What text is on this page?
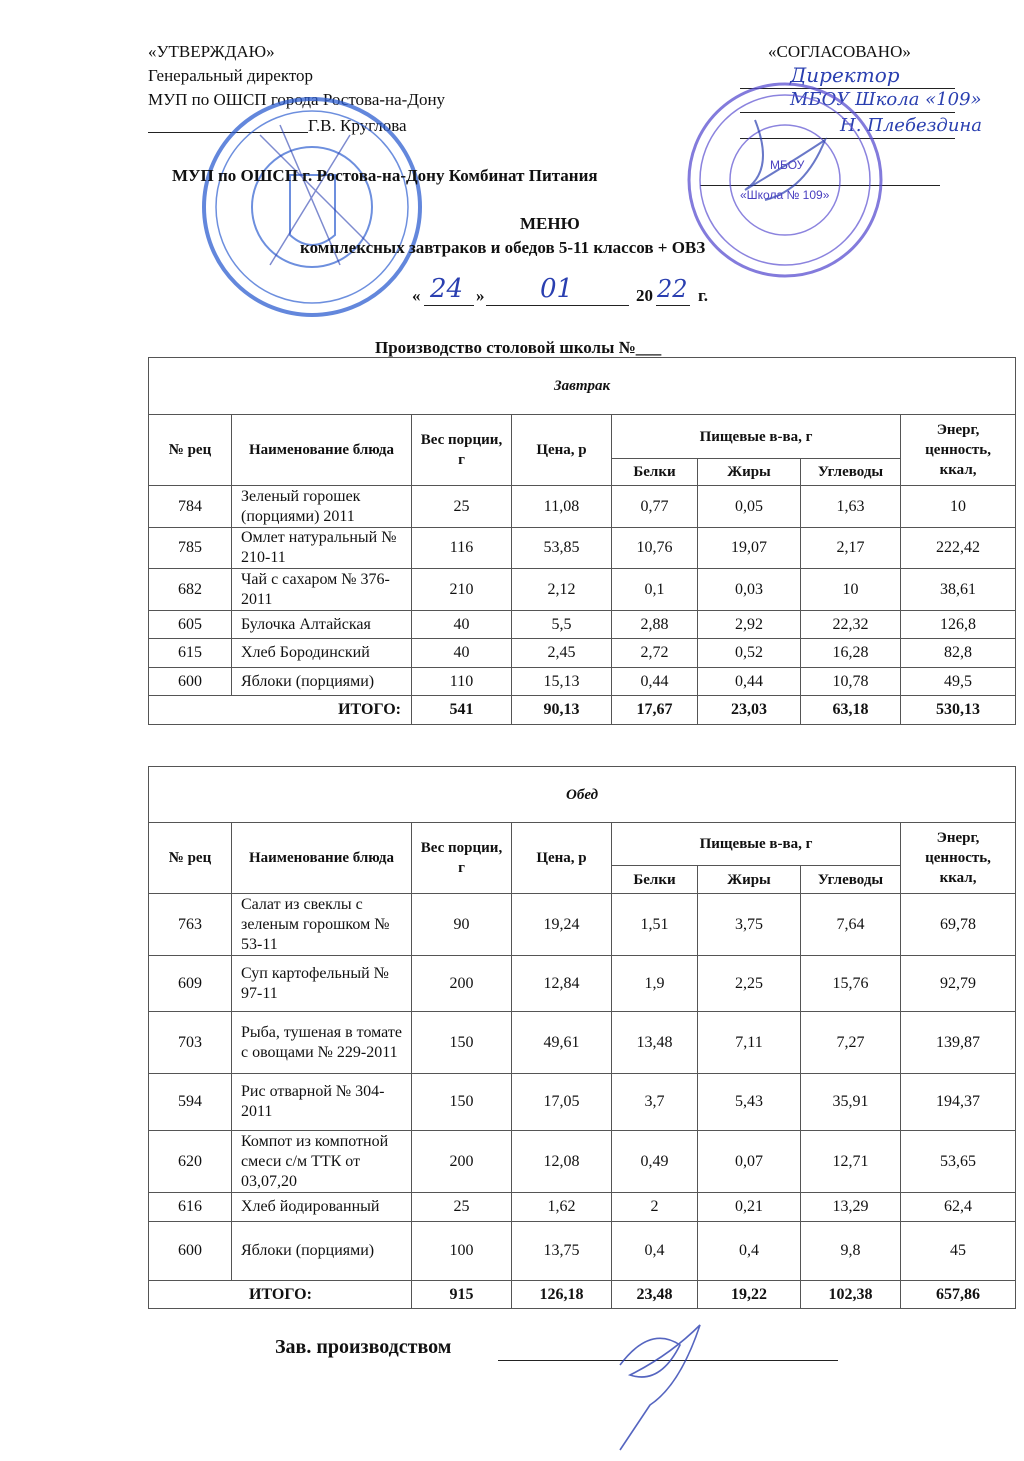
«УТВЕРЖДАЮ»
Генеральный директор
МУП по ОШСП города Ростова-на-Дону
Г.В. Круглова
«СОГЛАСОВАНО»
Директор
МБОУ Школа «109»
Н. Плебездина
МБОУ
«Школа № 109»
МУП по ОШСП г. Ростова-на-Дону Комбинат Питания
МЕНЮ
комплексных завтраков и обедов 5-11 классов + ОВЗ
« 24 » 01	20 22 г.
Производство столовой школы №___
Завтрак							
№ рец	Наименование блюда	Вес порции, г	Цена, р	Пищевые в-ва, г			Энерг, ценность, ккал,
				Белки	Жиры	Углеводы	
784	Зеленый горошек (порциями) 2011	25	11,08	0,77	0,05	1,63	10
785	Омлет натуральный № 210-11	116	53,85	10,76	19,07	2,17	222,42
682	Чай с сахаром № 376-2011	210	2,12	0,1	0,03	10	38,61
605	Булочка Алтайская	40	5,5	2,88	2,92	22,32	126,8
615	Хлеб Бородинский	40	2,45	2,72	0,52	16,28	82,8
600	Яблоки (порциями)	110	15,13	0,44	0,44	10,78	49,5
ИТОГО:		541	90,13	17,67	23,03	63,18	530,13
Обед							
№ рец	Наименование блюда	Вес порции, г	Цена, р	Пищевые в-ва, г			Энерг, ценность, ккал,
				Белки	Жиры	Углеводы	
763	Салат из свеклы с зеленым горошком № 53-11	90	19,24	1,51	3,75	7,64	69,78
609	Суп картофельный № 97-11	200	12,84	1,9	2,25	15,76	92,79
703	Рыба, тушеная в томате с овощами № 229-2011	150	49,61	13,48	7,11	7,27	139,87
594	Рис отварной № 304-2011	150	17,05	3,7	5,43	35,91	194,37
620	Компот из компотной смеси с/м ТТК от 03,07,20	200	12,08	0,49	0,07	12,71	53,65
616	Хлеб йодированный	25	1,62	2	0,21	13,29	62,4
600	Яблоки (порциями)	100	13,75	0,4	0,4	9,8	45
ИТОГО:		915	126,18	23,48	19,22	102,38	657,86
Зав. производством
